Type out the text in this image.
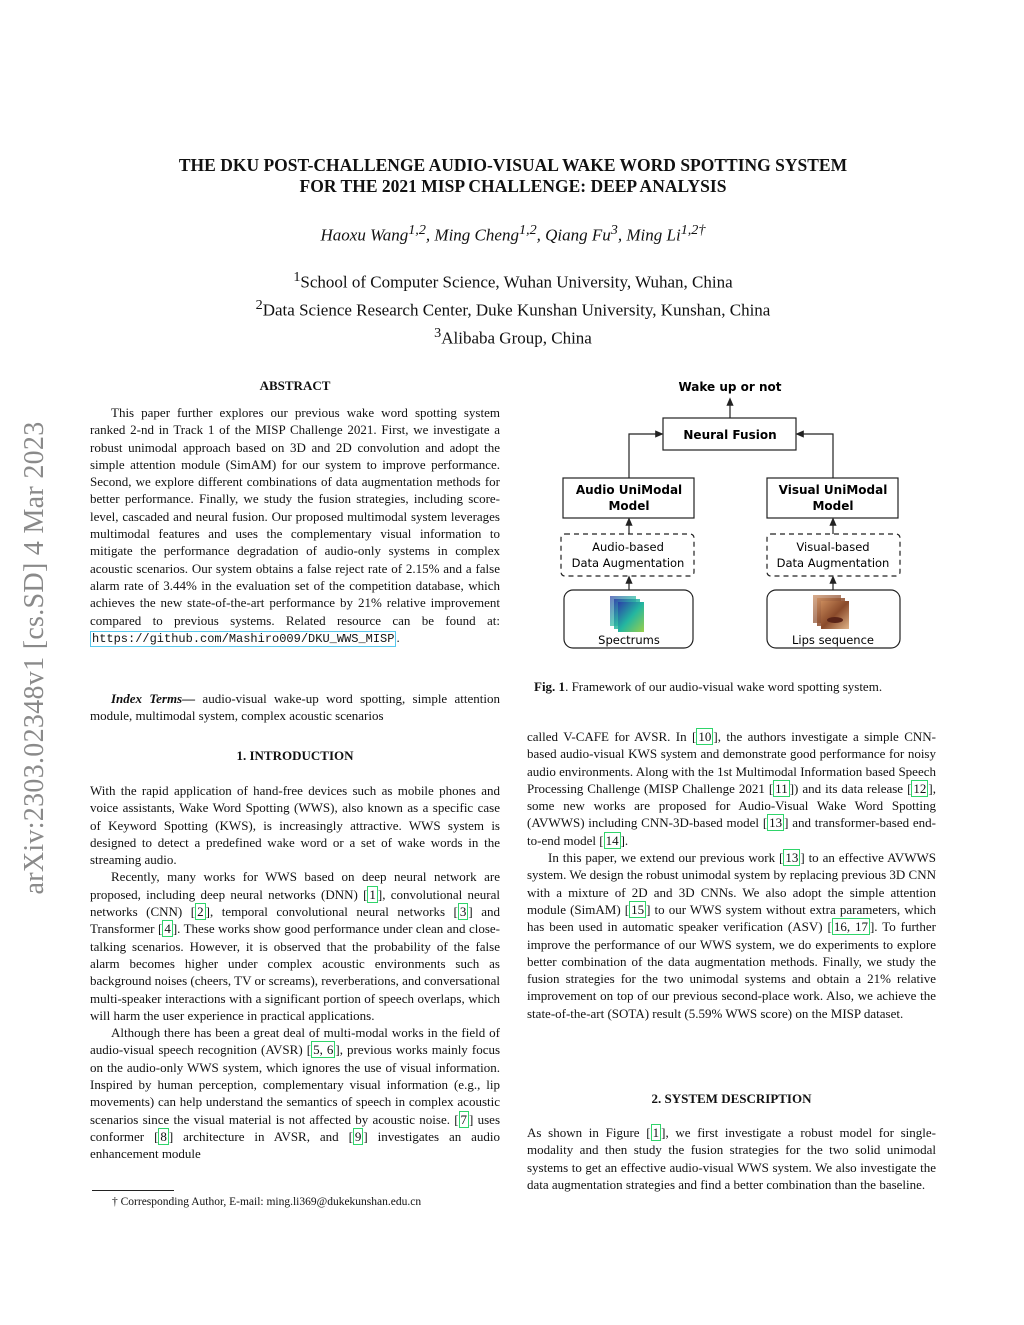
arXiv:2303.02348v1 [cs.SD] 4 Mar 2023
THE DKU POST-CHALLENGE AUDIO-VISUAL WAKE WORD SPOTTING SYSTEM
FOR THE 2021 MISP CHALLENGE: DEEP ANALYSIS
Haoxu Wang$^{1,2}$, Ming Cheng$^{1,2}$, Qiang Fu$^3$, Ming $Li^{1,2\dagger}$
$^1$School of Computer Science, Wuhan University, Wuhan, China
$^2$Data Science Research Center, Duke Kunshan University, Kunshan, China
$^3$Alibaba Group, China
ABSTRACT

This paper further explores our previous wake word spotting system ranked 2-nd in Track 1 of the MISP Challenge 2021. First, we investigate a robust unimodal approach based on 3D and 2D convolution and adopt the simple attention module (SimAM) for our system to improve performance. Second, we explore different combinations of data augmentation methods for better performance. Finally, we study the fusion strategies, including score-level, cascaded and neural fusion. Our proposed multimodal system leverages multimodal features and uses the complementary visual information to mitigate the performance degradation of audio-only systems in complex acoustic scenarios. Our system obtains a false reject rate of 2.15% and a false alarm rate of 3.44% in the evaluation set of the competition database, which achieves the new state-of-the-art performance by 21% relative improvement compared to previous systems. Related resource can be found at: https://github.com/Mashiro009/DKU_WWS_MISP .

Index Terms— audio-visual wake-up word spotting, simple attention module, multimodal system, complex acoustic scenarios

1. INTRODUCTION

With the rapid application of hand-free devices such as mobile phones and voice assistants, Wake Word Spotting (WWS), also known as a specific case of Keyword Spotting (KWS), is increasingly attractive. WWS system is designed to detect a predefined wake word or a set of wake words in the streaming audio.

Recently, many works for WWS based on deep neural network are proposed, including deep neural networks (DNN) [ 1 ], convolutional neural networks (CNN) [ 2 ], temporal convolutional neural networks [ 3 ] and Transformer [ 4 ]. These works show good performance under clean and close-talking scenarios. However, it is observed that the probability of the false alarm becomes higher under complex acoustic environments such as background noises (cheers, TV or screams), reverberations, and conversational multi-speaker interactions with a significant portion of speech overlaps, which will harm the user experience in practical applications.

Although there has been a great deal of multi-modal works in the field of audio-visual speech recognition (AVSR) [ 5, 6 ], previous works mainly focus on the audio-only WWS system, which ignores the use of visual information. Inspired by human perception, complementary visual information (e.g., lip movements) can help understand the semantics of speech in complex acoustic scenarios since the visual material is not affected by acoustic noise. [ 7 ] uses conformer [ 8 ] architecture in AVSR, and [ 9 ] investigates an audio enhancement module

† Corresponding Author, E-mail: ming.li369@dukekunshan.edu.cn
Wake up or not
Neural Fusion
Audio UniModal
Model
Visual UniModal
Model
Audio-based
Data Augmentation
Visual-based
Data Augmentation
Spectrums	Lips sequence
Fig. 1. Framework of our audio-visual wake word spotting system.

called V-CAFE for AVSR. In [ 10 ], the authors investigate a simple CNN-based audio-visual KWS system and demonstrate good performance for noisy audio environments. Along with the 1st Multimodal Information based Speech Processing Challenge (MISP Challenge 2021 [ 11 ]) and its data release [ 12 ], some new works are proposed for Audio-Visual Wake Word Spotting (AVWWS) including CNN-3D-based model [ 13 ] and transformer-based end-to-end model [ 14 ].

In this paper, we extend our previous work [ 13 ] to an effective AVWWS system. We design the robust unimodal system by replacing previous 3D CNN with a mixture of 2D and 3D CNNs. We also adopt the simple attention module (SimAM) [ 15 ] to our WWS system without extra parameters, which has been used in automatic speaker verification (ASV) [ 16, 17 ]. To further improve the performance of our WWS system, we do experiments to explore better combination of the data augmentation methods. Finally, we study the fusion strategies for the two unimodal systems and obtain a 21% relative improvement on top of our previous second-place work. Also, we achieve the state-of-the-art (SOTA) result (5.59% WWS score) on the MISP dataset.

2. SYSTEM DESCRIPTION

As shown in Figure [ 1 ], we first investigate a robust model for single-modality and then study the fusion strategies for the two solid unimodal systems to get an effective audio-visual WWS system. We also investigate the data augmentation strategies and find a better combination than the baseline.
